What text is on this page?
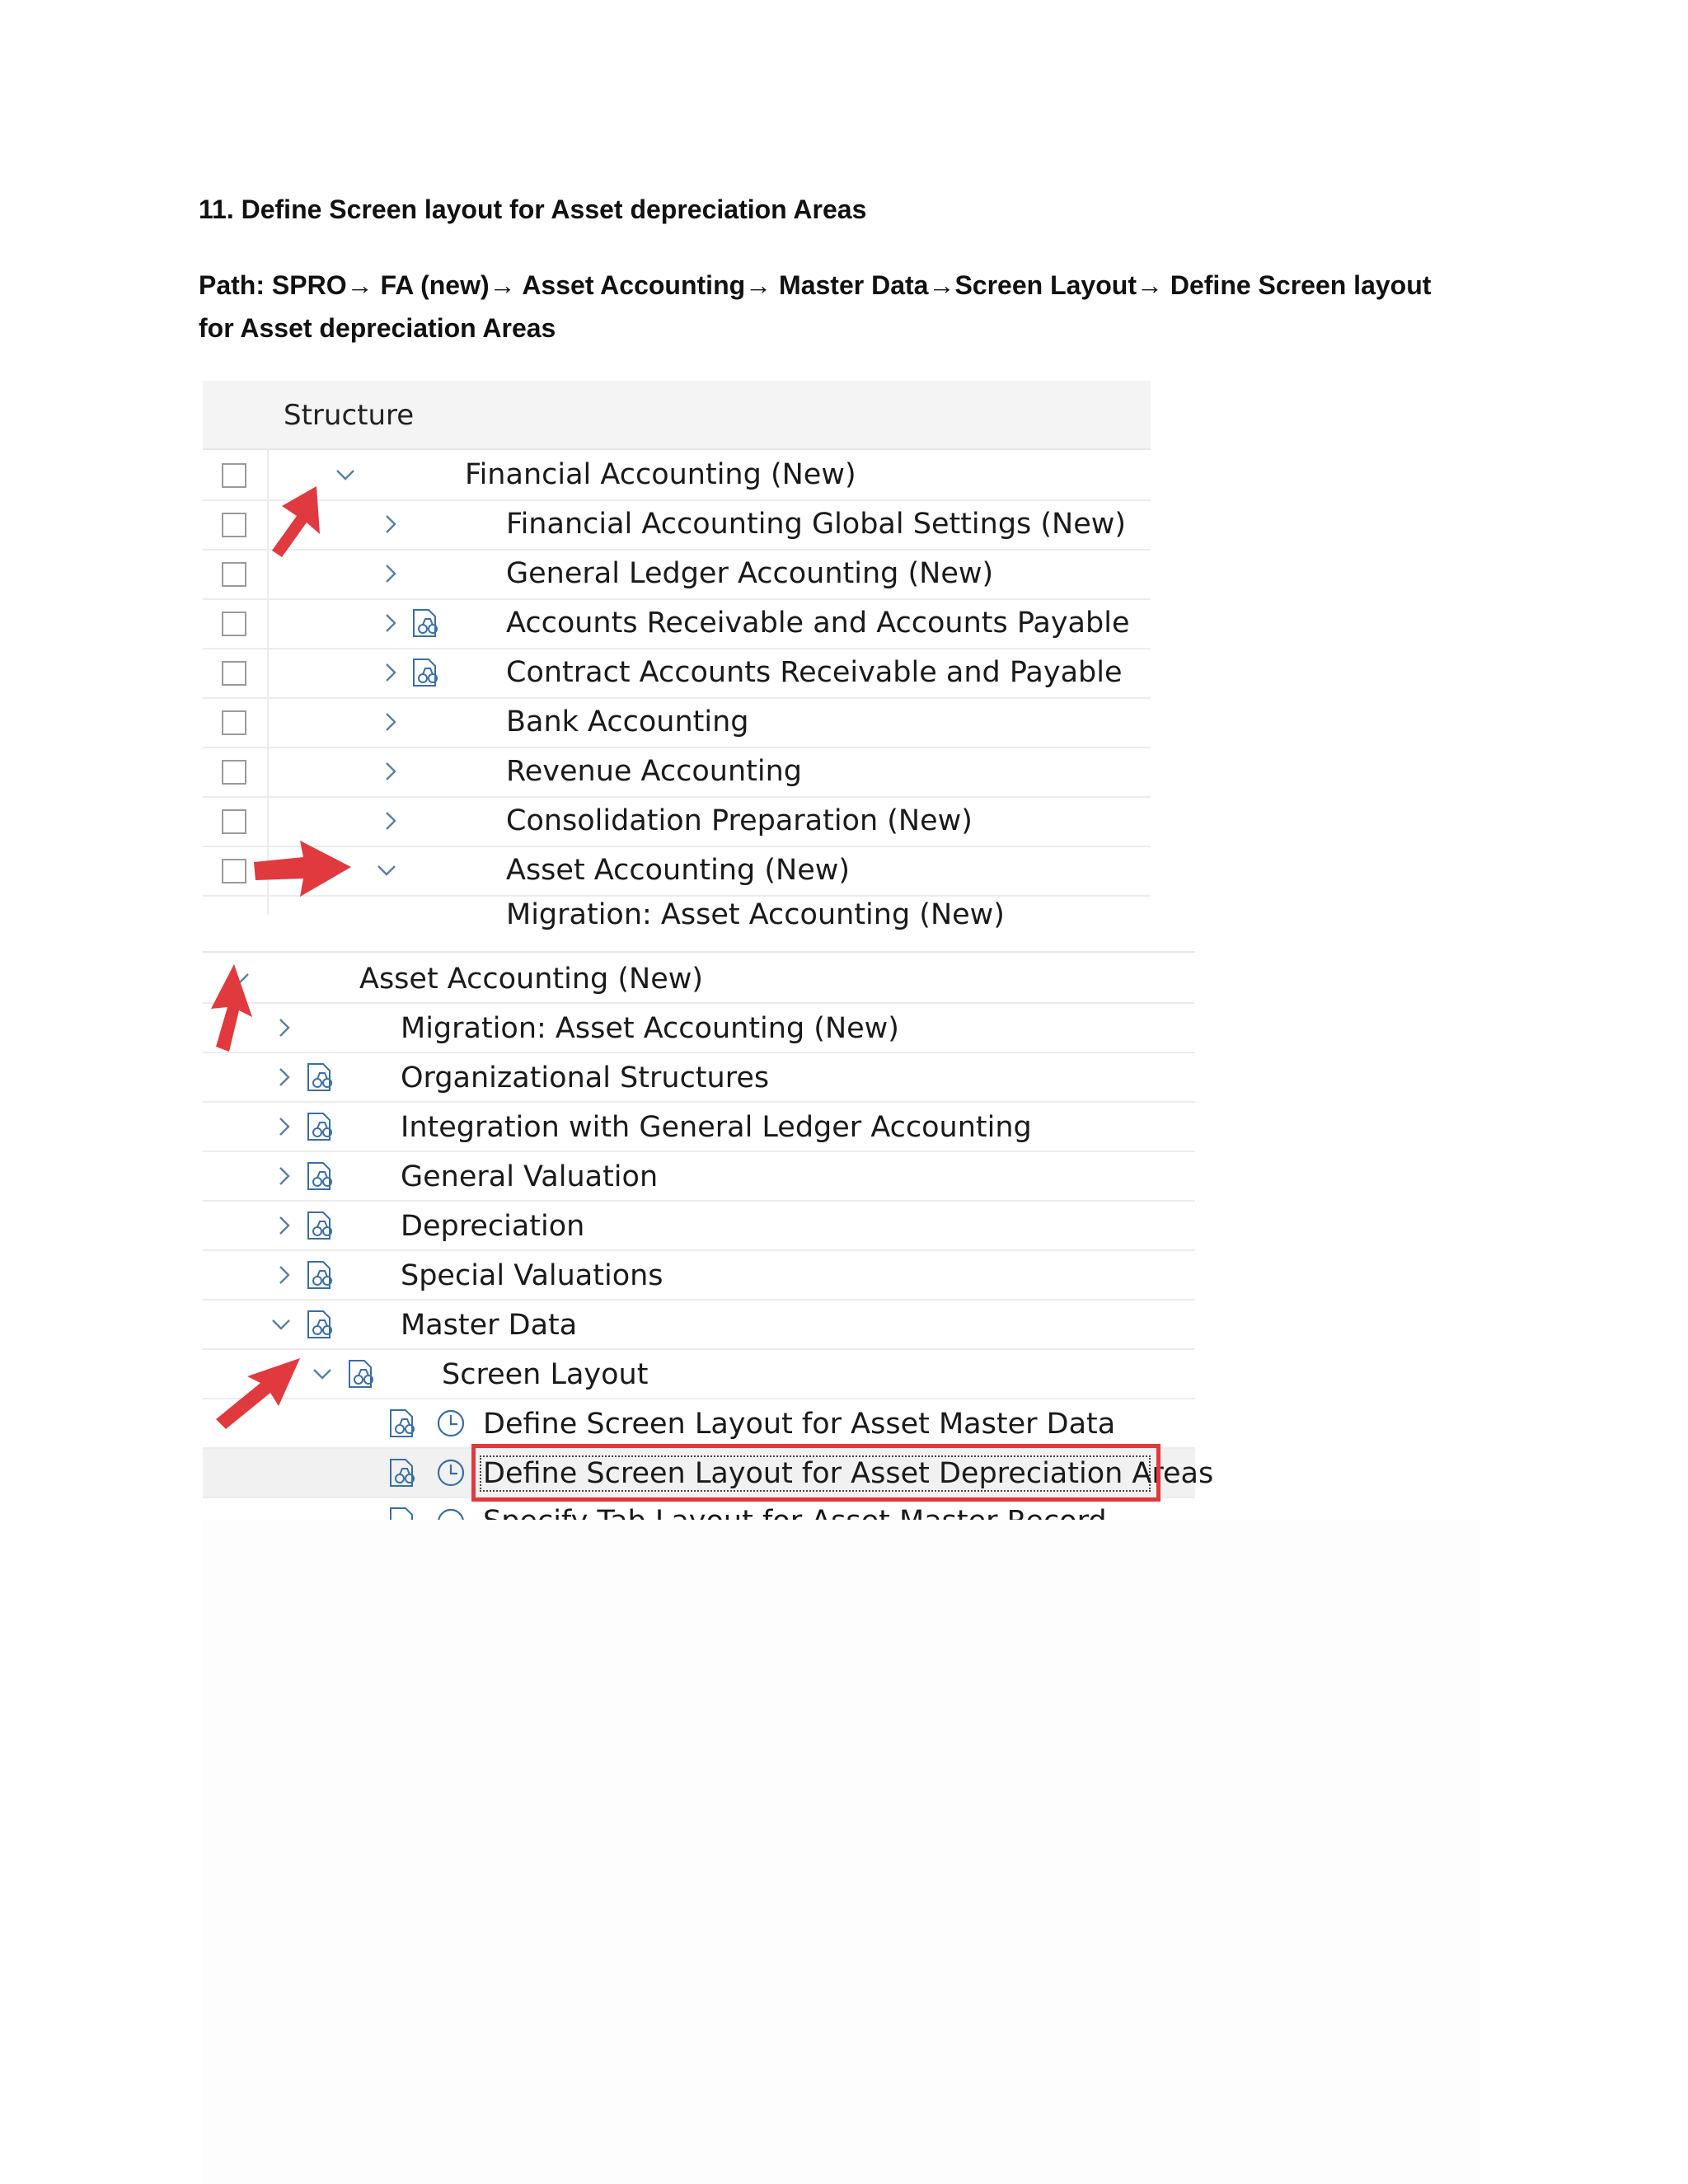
11. Define Screen layout for Asset depreciation Areas

Path: SPRO→ FA (new)→ Asset Accounting→ Master Data→Screen Layout→ Define Screen layout
for Asset depreciation Areas

Structure
Financial Accounting (New)
Financial Accounting Global Settings (New)
General Ledger Accounting (New)
Accounts Receivable and Accounts Payable
Contract Accounts Receivable and Payable
Bank Accounting
Revenue Accounting
Consolidation Preparation (New)
Asset Accounting (New)
Migration: Asset Accounting (New)
Asset Accounting (New)
Migration: Asset Accounting (New)
Organizational Structures
Integration with General Ledger Accounting
General Valuation
Depreciation
Special Valuations
Master Data
Screen Layout
Define Screen Layout for Asset Master Data
Define Screen Layout for Asset Depreciation Areas
